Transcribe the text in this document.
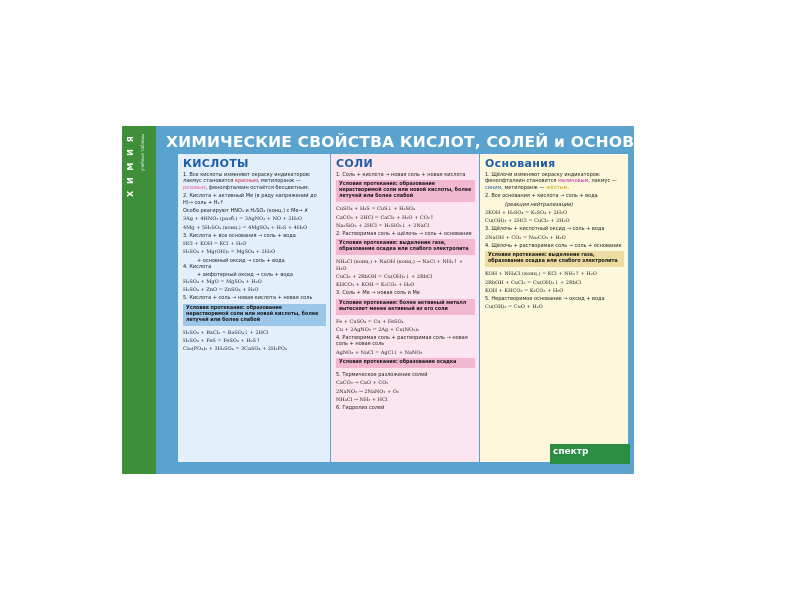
Х И М И Я	учебные таблицы ХИМИЧЕСКИЕ СВОЙСТВА КИСЛОТ, СОЛЕЙ и ОСНОВАНИЙ
КИСЛОТЫ
1. Все кислоты изменяют окраску индикаторов: лакмус становится красным, метилоранж — розовым, фенолфталеин остаётся бесцветным.
2. Кислота + активный Ме (в ряду напряжений до Н)→ соль + Н₂↑
Особо реагируют HNO₃ и H₂SO₄ (конц.) с Ме→ ✗
3Ag + 4HNO₃ (разб.) = 3AgNO₃ + NO + 2H₂O
4Mg + 5H₂SO₄ (конц.) = 4MgSO₄ + H₂S + 4H₂O
3. Кислота + все основания → соль + вода
HCl + KOH = KCl + H₂O
H₂SO₄ + Mg(OH)₂ = MgSO₄ + 2H₂O
+ основный оксид → соль + вода
4. Кислота
+ амфотерный оксид → соль + вода
H₂SO₄ + MgO = MgSO₄ + H₂O
H₂SO₄ + ZnO = ZnSO₄ + H₂O
5. Кислота + соль → новая кислота + новая соль
Условия протекания: образование нерастворимой соли или новой кислоты, более летучей или более слабой
H₂SO₄ + BaCl₂ = BaSO₄↓ + 2HCl
H₂SO₄ + FeS = FeSO₄ + H₂S↑
Ca₃(PO₄)₂ + 3H₂SO₄ = 3CaSO₄ + 2H₃PO₄
СОЛИ
1. Соль + кислота → новая соль + новая кислота
Условия протекания: образование нерастворимой соли или новой кислоты, более летучей или более слабой
CuSO₄ + H₂S = CuS↓ + H₂SO₄
CaCO₃ + 2HCl = CaCl₂ + H₂O + CO₂↑
Na₂SiO₃ + 2HCl = H₂SiO₃↓ + 2NaCl
2. Растворимая соль + щёлочь → соль + основание
Условия протекания: выделение газа, образование осадка или слабого электролита
NH₄Cl (конц.) + NaOH (конц.) → NaCl + NH₃↑ + H₂O
CuCl₂ + 2RbOH = Cu(OH)₂↓ + 2RbCl
KHCO₃ + KOH = K₂CO₃ + H₂O
3. Соль + Ме → новая соль и Ме
Условия протекания: более активный металл вытесняет менее активный из его соли
Fe + CuSO₄ = Cu + FeSO₄
Cu + 2AgNO₃ = 2Ag + Cu(NO₃)₂
4. Растворимая соль + растворимая соль → новая соль + новая соль
AgNO₃ + NaCl = AgCl↓ + NaNO₃
Условия протекания: образование осадка
5. Термическое разложение солей
CaCO₃ → CaO + CO₂
2NaNO₃ → 2NaNO₂ + O₂
NH₄Cl → NH₃ + HCl
6. Гидролиз солей
Основания
1. Щёлочи изменяют окраску индикаторов: фенолфталеин становится малиновым, лакмус — синим, метилоранж — жёлтым.
2. Все основания + кислота → соль + вода
(реакция нейтрализации)
2KOH + H₂SO₄ = K₂SO₄ + 2H₂O
Cu(OH)₂ + 2HCl = CuCl₂ + 2H₂O
3. Щёлочь + кислотный оксид → соль + вода
2NaOH + CO₂ = Na₂CO₃ + H₂O
4. Щёлочь + растворимая соль → соль + основание
Условия протекания: выделение газа, образование осадка или слабого электролита
KOH + NH₄Cl (конц.) = KCl + NH₃↑ + H₂O
2RbOH + CuCl₂ = Cu(OH)₂↓ + 2RbCl
KOH + KHCO₃ = K₂CO₃ + H₂O
5. Нерастворимое основание → оксид + вода
Cu(OH)₂ = CuO + H₂O
спектр
